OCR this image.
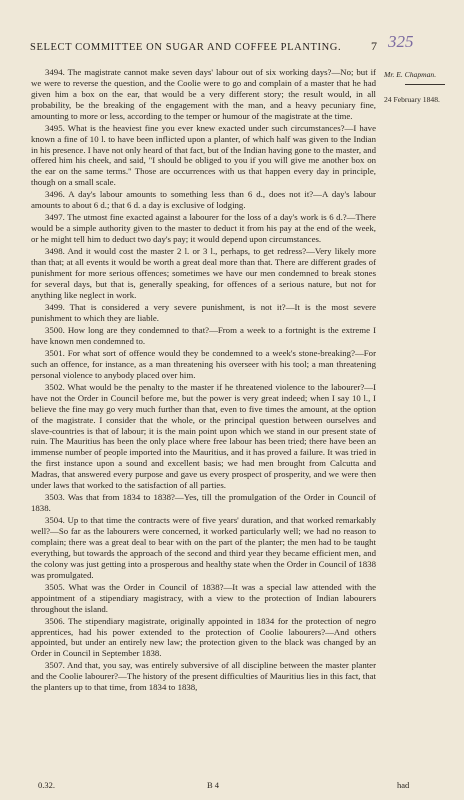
SELECT COMMITTEE ON SUGAR AND COFFEE PLANTING.	7 325
Mr. E. Chapman.
24 February 1848.

3494. The magistrate cannot make seven days' labour out of six working days?—No; but if we were to reverse the question, and the Coolie were to go and complain of a master that he had given him a box on the ear, that would be a very different story; the result would, in all probability, be the breaking of the engagement with the man, and a heavy pecuniary fine, amounting to more or less, according to the temper or humour of the magistrate at the time.

3495. What is the heaviest fine you ever knew exacted under such circumstances?—I have known a fine of 10 l. to have been inflicted upon a planter, of which half was given to the Indian in his presence. I have not only heard of that fact, but of the Indian having gone to the master, and offered him his cheek, and said, "I should be obliged to you if you will give me another box on the ear on the same terms." Those are occurrences with us that happen every day in principle, though on a small scale.

3496. A day's labour amounts to something less than 6 d., does not it?—A day's labour amounts to about 6 d.; that 6 d. a day is exclusive of lodging.

3497. The utmost fine exacted against a labourer for the loss of a day's work is 6 d.?—There would be a simple authority given to the master to deduct it from his pay at the end of the week, or he might tell him to deduct two day's pay; it would depend upon circumstances.

3498. And it would cost the master 2 l. or 3 l., perhaps, to get redress?—Very likely more than that; at all events it would be worth a great deal more than that. There are different grades of punishment for more serious offences; sometimes we have our men condemned to break stones for several days, but that is, generally speaking, for offences of a serious nature, but not for anything like neglect in work.

3499. That is considered a very severe punishment, is not it?—It is the most severe punishment to which they are liable.

3500. How long are they condemned to that?—From a week to a fortnight is the extreme I have known men condemned to.

3501. For what sort of offence would they be condemned to a week's stone-breaking?—For such an offence, for instance, as a man threatening his overseer with his tool; a man threatening personal violence to anybody placed over him.

3502. What would be the penalty to the master if he threatened violence to the labourer?—I have not the Order in Council before me, but the power is very great indeed; when I say 10 l., I believe the fine may go very much further than that, even to five times the amount, at the option of the magistrate. I consider that the whole, or the principal question between ourselves and slave-countries is that of labour; it is the main point upon which we stand in our present state of ruin. The Mauritius has been the only place where free labour has been tried; there have been an immense number of people imported into the Mauritius, and it has proved a failure. It was tried in the first instance upon a sound and excellent basis; we had men brought from Calcutta and Madras, that answered every purpose and gave us every prospect of prosperity, and we were then under laws that worked to the satisfaction of all parties.

3503. Was that from 1834 to 1838?—Yes, till the promulgation of the Order in Council of 1838.

3504. Up to that time the contracts were of five years' duration, and that worked remarkably well?—So far as the labourers were concerned, it worked particularly well; we had no reason to complain; there was a great deal to bear with on the part of the planter; the men had to be taught everything, but towards the approach of the second and third year they became efficient men, and the colony was just getting into a prosperous and healthy state when the Order in Council of 1838 was promulgated.

3505. What was the Order in Council of 1838?—It was a special law attended with the appointment of a stipendiary magistracy, with a view to the protection of Indian labourers throughout the island.

3506. The stipendiary magistrate, originally appointed in 1834 for the protection of negro apprentices, had his power extended to the protection of Coolie labourers?—And others appointed, but under an entirely new law; the protection given to the black was changed by an Order in Council in September 1838.

3507. And that, you say, was entirely subversive of all discipline between the master planter and the Coolie labourer?—The history of the present difficulties of Mauritius lies in this fact, that the planters up to that time, from 1834 to 1838,

0.32.	B 4	had
